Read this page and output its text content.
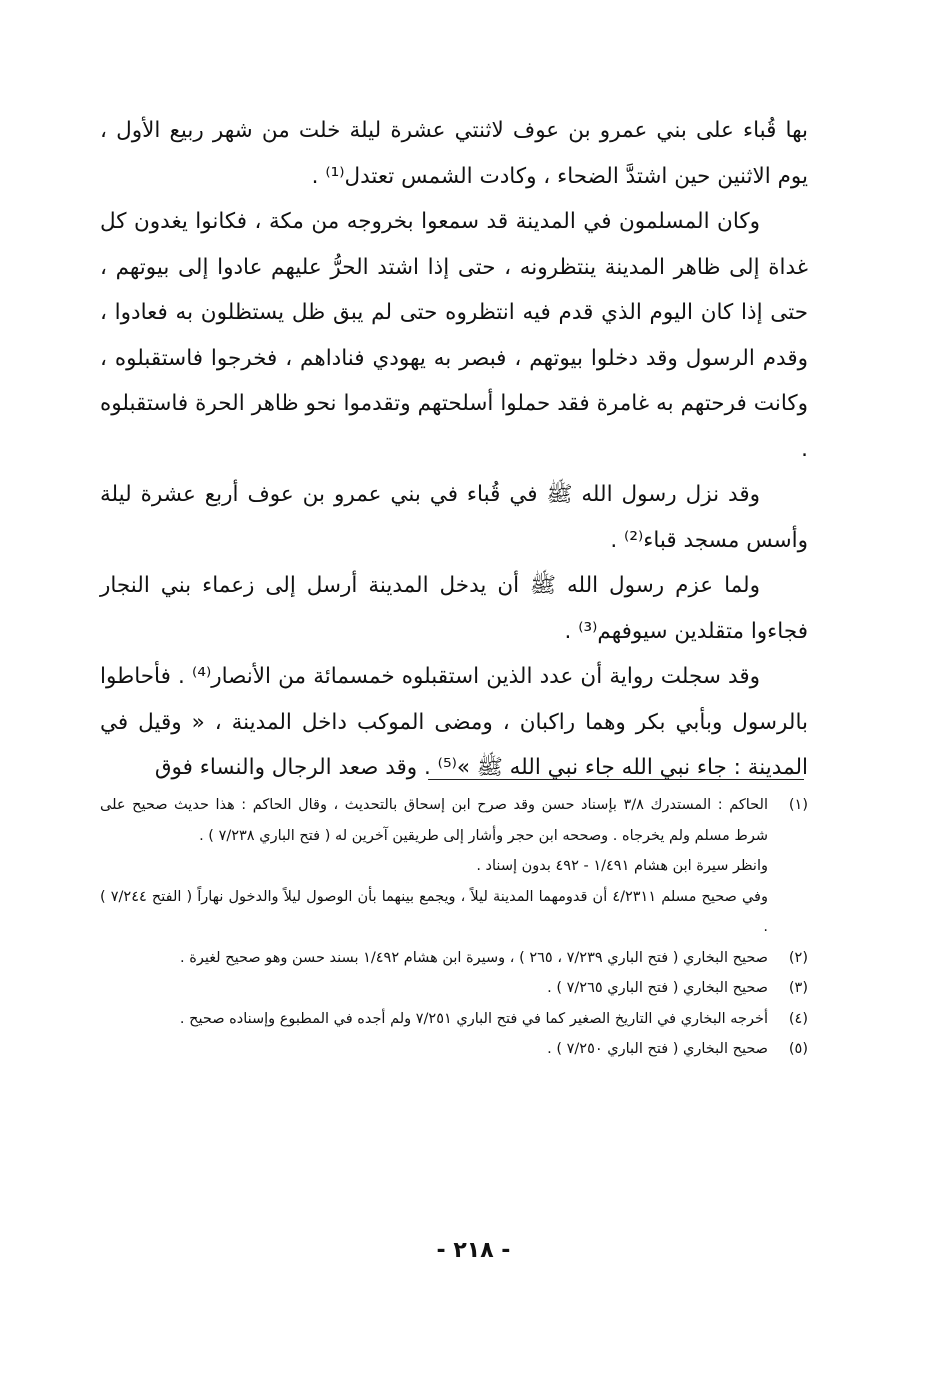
بها قُباء على بني عمرو بن عوف لاثنتي عشرة ليلة خلت من شهر ربيع الأول ، يوم الاثنين حين اشتدَّ الضحاء ، وكادت الشمس تعتدل⁽¹⁾ .

وكان المسلمون في المدينة قد سمعوا بخروجه من مكة ، فكانوا يغدون كل غداة إلى ظاهر المدينة ينتظرونه ، حتى إذا اشتد الحرُّ عليهم عادوا إلى بيوتهم ، حتى إذا كان اليوم الذي قدم فيه انتظروه حتى لم يبق ظل يستظلون به فعادوا ، وقدم الرسول وقد دخلوا بيوتهم ، فبصر به يهودي فناداهم ، فخرجوا فاستقبلوه ، وكانت فرحتهم به غامرة فقد حملوا أسلحتهم وتقدموا نحو ظاهر الحرة فاستقبلوه .

وقد نزل رسول الله ﷺ في قُباء في بني عمرو بن عوف أربع عشرة ليلة وأسس مسجد قباء⁽²⁾ .

ولما عزم رسول الله ﷺ أن يدخل المدينة أرسل إلى زعماء بني النجار فجاءوا متقلدين سيوفهم⁽³⁾ .

وقد سجلت رواية أن عدد الذين استقبلوه خمسمائة من الأنصار⁽⁴⁾ . فأحاطوا بالرسول وبأبي بكر وهما راكبان ، ومضى الموكب داخل المدينة ، « وقيل في المدينة : جاء نبي الله جاء نبي الله ﷺ »⁽⁵⁾ . وقد صعد الرجال والنساء فوق

(١)
الحاكم : المستدرك ٣/٨ بإسناد حسن وقد صرح ابن إسحاق بالتحديث ، وقال الحاكم : هذا حديث صحيح على شرط مسلم ولم يخرجاه . وصححه ابن حجر وأشار إلى طريقين آخرين له ( فتح الباري ٧/٢٣٨ ) .
وانظر سيرة ابن هشام ١/٤٩١ - ٤٩٢ بدون إسناد .
وفي صحيح مسلم ٤/٢٣١١ أن قدومهما المدينة ليلاً ، ويجمع بينهما بأن الوصول ليلاً والدخول نهاراً ( الفتح ٧/٢٤٤ ) .
(٢)
صحيح البخاري ( فتح الباري ٧/٢٣٩ ، ٢٦٥ ) ، وسيرة ابن هشام ١/٤٩٢ بسند حسن وهو صحيح لغيرة .
(٣)
صحيح البخاري ( فتح الباري ٧/٢٦٥ ) .
(٤)
أخرجه البخاري في التاريخ الصغير كما في فتح الباري ٧/٢٥١ ولم أجده في المطبوع وإسناده صحيح .
(٥)
صحيح البخاري ( فتح الباري ٧/٢٥٠ ) .
- ٢١٨ -
